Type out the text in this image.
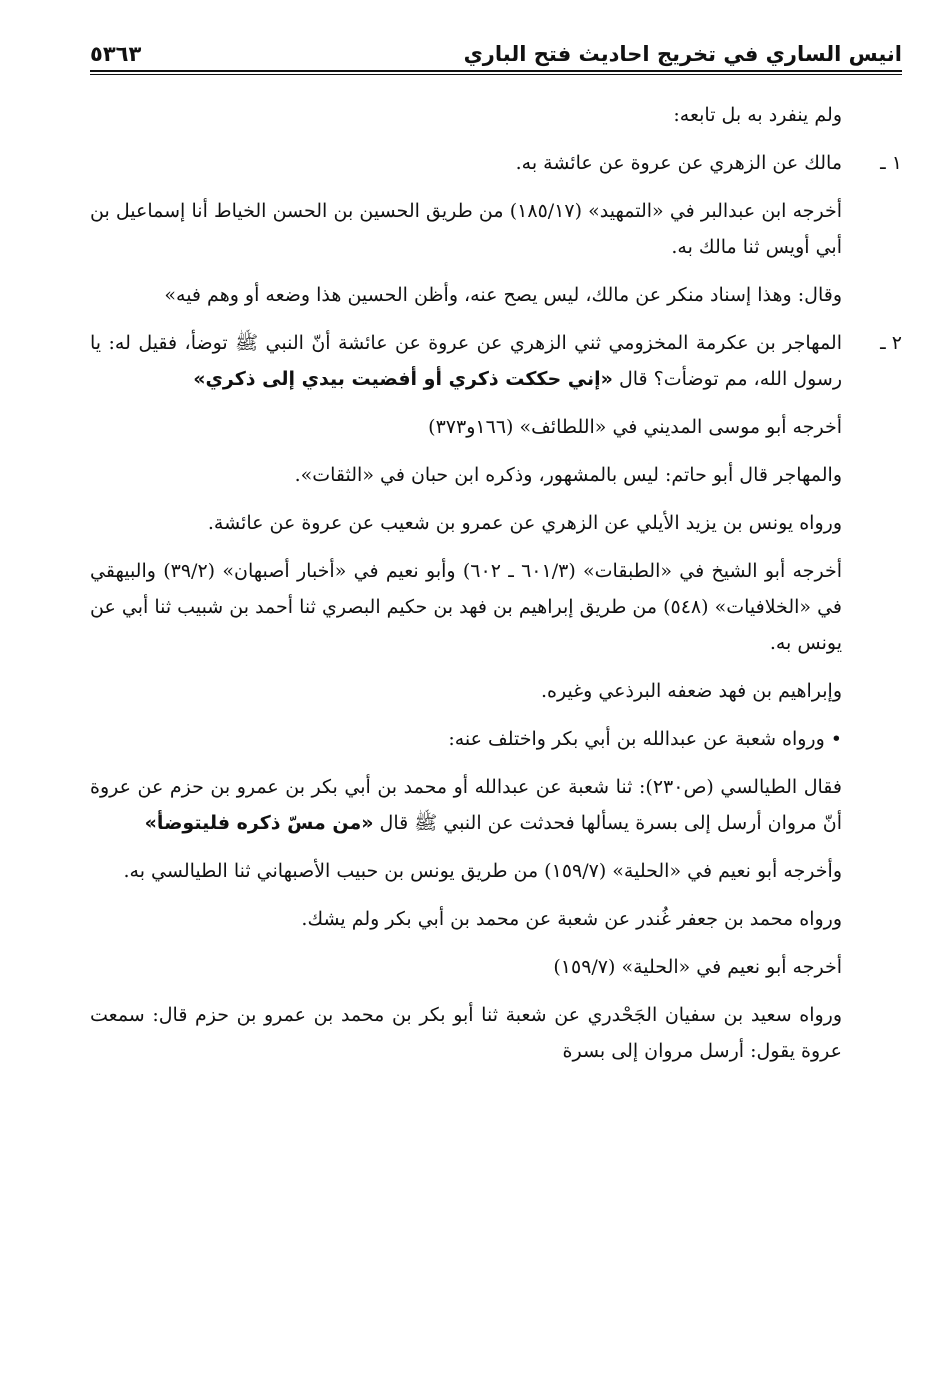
انيس الساري في تخريج احاديث فتح الباري
٥٣٦٣

ولم ينفرد به بل تابعه:

١ ـ
مالك عن الزهري عن عروة عن عائشة به.

أخرجه ابن عبدالبر في «التمهيد» (١٨٥/١٧) من طريق الحسين بن الحسن الخياط أنا إسماعيل بن أبي أويس ثنا مالك به.

وقال: وهذا إسناد منكر عن مالك، ليس يصح عنه، وأظن الحسين هذا وضعه أو وهم فيه»

٢ ـ
المهاجر بن عكرمة المخزومي ثني الزهري عن عروة عن عائشة أنّ النبي ﷺ توضأ، فقيل له: يا رسول الله، مم توضأت؟ قال «إني حككت ذكري أو أفضيت بيدي إلى ذكري»

أخرجه أبو موسى المديني في «اللطائف» (١٦٦و٣٧٣)

والمهاجر قال أبو حاتم: ليس بالمشهور، وذكره ابن حبان في «الثقات».

ورواه يونس بن يزيد الأيلي عن الزهري عن عمرو بن شعيب عن عروة عن عائشة.

أخرجه أبو الشيخ في «الطبقات» (٦٠١/٣ ـ ٦٠٢) وأبو نعيم في «أخبار أصبهان» (٣٩/٢) والبيهقي في «الخلافيات» (٥٤٨) من طريق إبراهيم بن فهد بن حكيم البصري ثنا أحمد بن شبيب ثنا أبي عن يونس به.

وإبراهيم بن فهد ضعفه البرذعي وغيره.

•ورواه شعبة عن عبدالله بن أبي بكر واختلف عنه:

فقال الطيالسي (ص٢٣٠): ثنا شعبة عن عبدالله أو محمد بن أبي بكر بن عمرو بن حزم عن عروة أنّ مروان أرسل إلى بسرة يسألها فحدثت عن النبي ﷺ قال «من مسّ ذكره فليتوضأ»

وأخرجه أبو نعيم في «الحلية» (١٥٩/٧) من طريق يونس بن حبيب الأصبهاني ثنا الطيالسي به.

ورواه محمد بن جعفر غُندر عن شعبة عن محمد بن أبي بكر ولم يشك.

أخرجه أبو نعيم في «الحلية» (١٥٩/٧)

ورواه سعيد بن سفيان الجَحْدري عن شعبة ثنا أبو بكر بن محمد بن عمرو بن حزم قال: سمعت عروة يقول: أرسل مروان إلى بسرة
